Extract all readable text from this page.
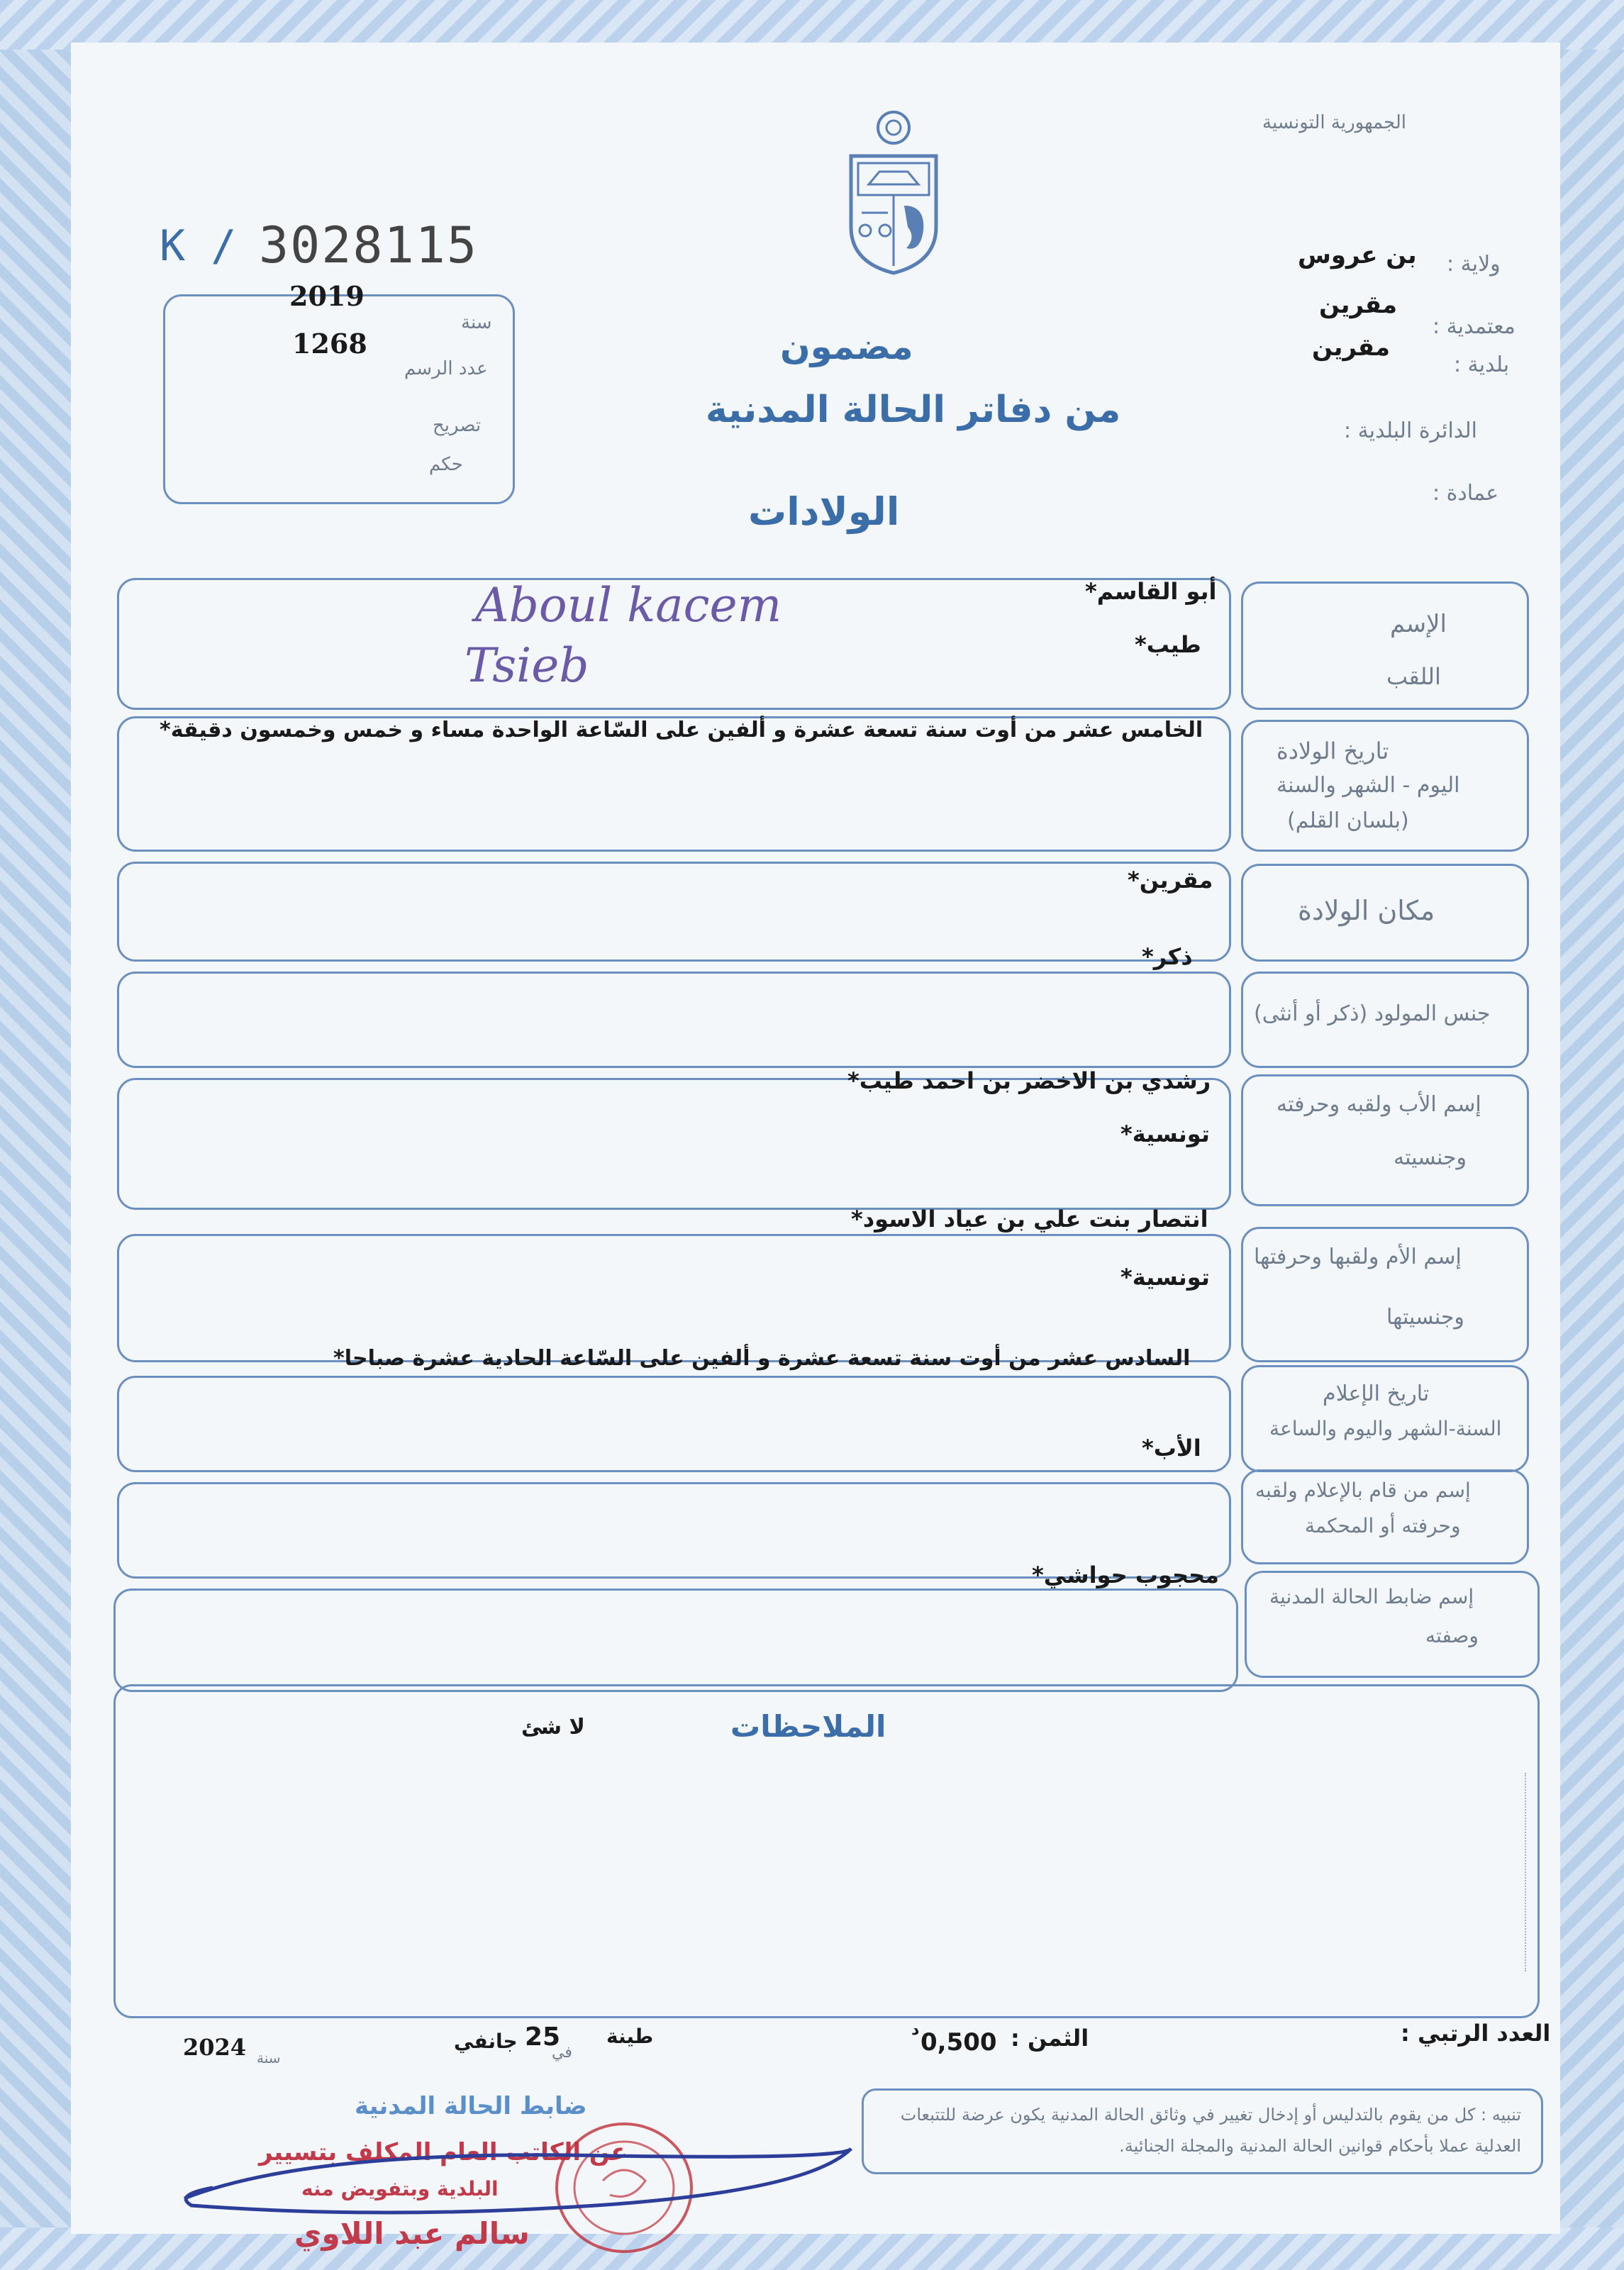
الجمهورية التونسية
K / 3028115
2019
1268
سنة
عدد الرسم
تصريح
حكم
مضمون
من دفاتر الحالة المدنية
الولادات
ولاية :
بن عروس
معتمدية :
مقرين
بلدية :
مقرين
الدائرة البلدية :
عمادة :
الإسم
اللقب
أبو القاسم*
طيب*
Aboul kacem
Tsieb
تاريخ الولادة
اليوم - الشهر والسنة
(بلسان القلم)
الخامس عشر من أوت سنة تسعة عشرة و ألفين على السّاعة الواحدة مساء و خمس وخمسون دقيقة*
مكان الولادة
مقرين*
ذكر*
جنس المولود (ذكر أو أنثى)
إسم الأب ولقبه وحرفته
وجنسيته
رشدي بن الاخضر بن احمد طيب*
تونسية*
انتصار بنت علي بن عياد الاسود*
إسم الأم ولقبها وحرفتها
وجنسيتها
تونسية*
السادس عشر من أوت سنة تسعة عشرة و ألفين على السّاعة الحادية عشرة صباحا*
تاريخ الإعلام
السنة-الشهر واليوم والساعة
الأب*
إسم من قام بالإعلام ولقبه
وحرفته أو المحكمة
محجوب حواشي*
إسم ضابط الحالة المدنية
وصفته
الملاحظات
لا شئ
العدد الرتبي :
الثمن :
0,500
د
طينة
في
25
جانفي
سنة
2024
تنبيه : كل من يقوم بالتدليس أو إدخال تغيير في وثائق الحالة المدنية يكون عرضة للتتبعات العدلية عملا بأحكام قوانين الحالة المدنية والمجلة الجنائية.
ضابط الحالة المدنية
عن الكاتب العام المكلف بتسيير
البلدية وبتفويض منه
سالم عبد اللاوي
